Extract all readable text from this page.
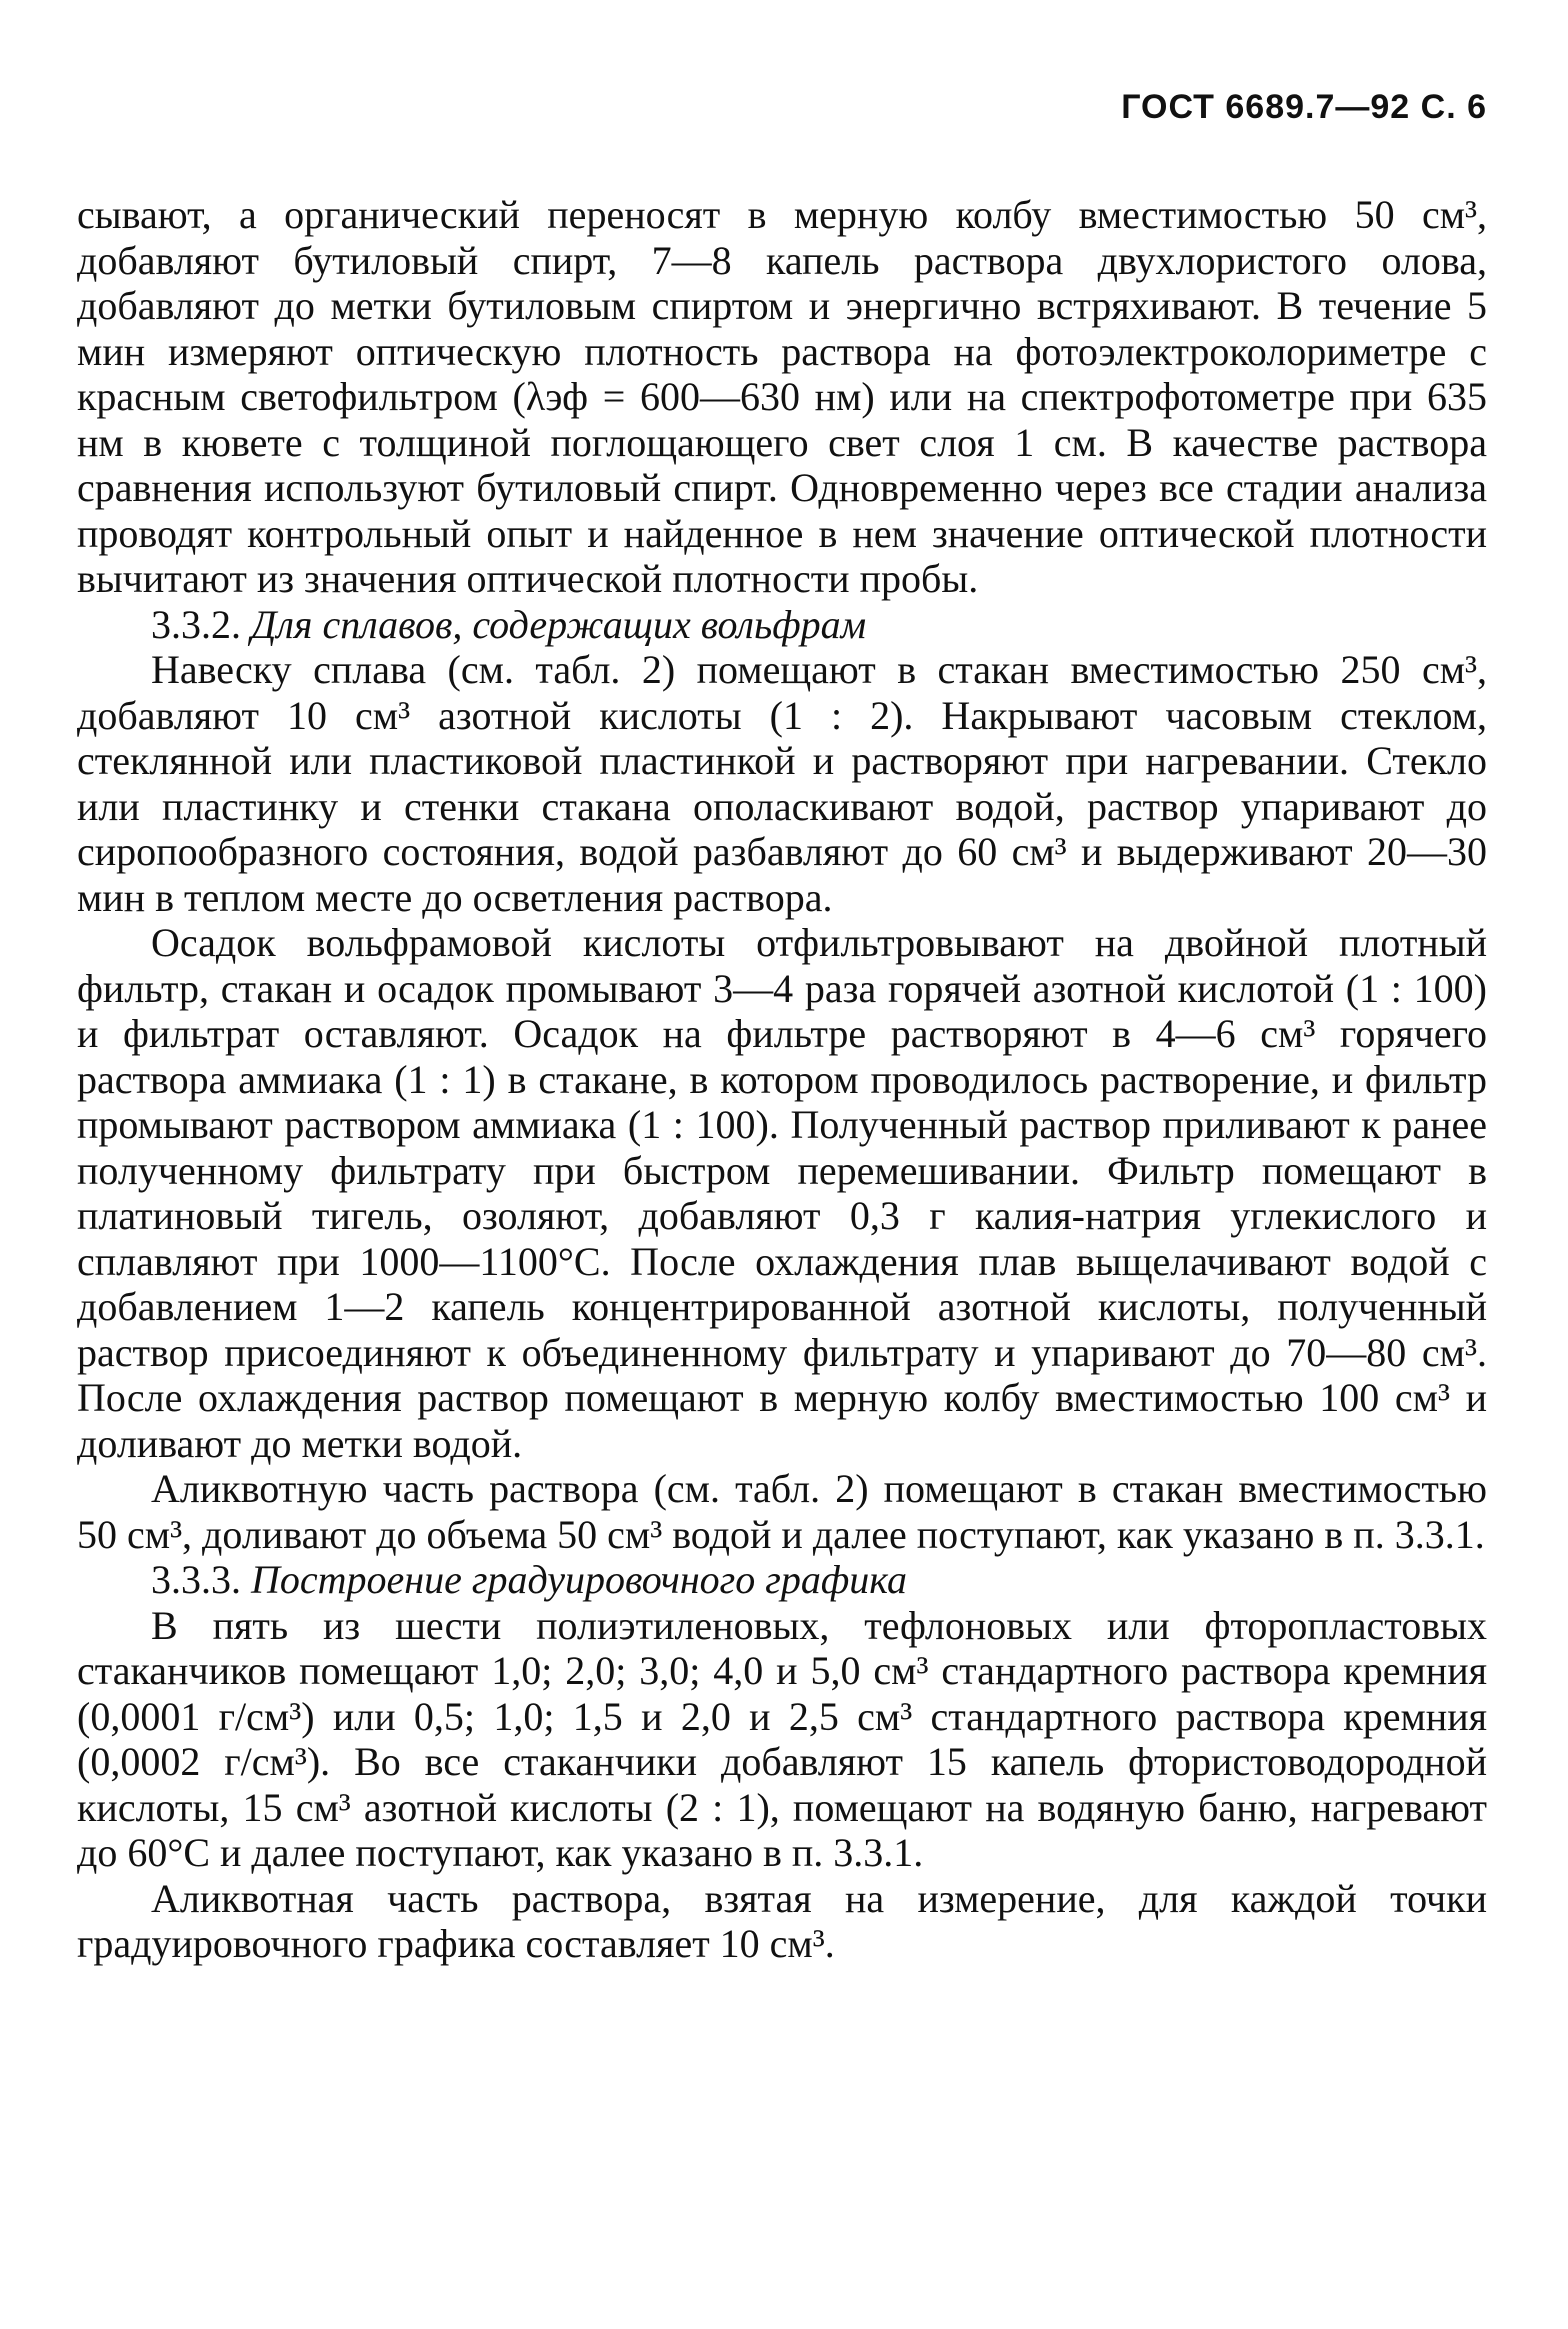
ГОСТ 6689.7—92 С. 6

сывают, а органический переносят в мерную колбу вместимостью 50 см³, добавляют бутиловый спирт, 7—8 капель раствора двухлористого олова, добавляют до метки бутиловым спиртом и энергично встряхивают. В течение 5 мин измеряют оптическую плотность раствора на фотоэлектроколориметре с красным светофильтром (λэф = 600—630 нм) или на спектрофотометре при 635 нм в кювете с толщиной поглощающего свет слоя 1 см. В качестве раствора сравнения используют бутиловый спирт. Одновременно через все стадии анализа проводят контрольный опыт и найденное в нем значение оптической плотности вычитают из значения оптической плотности пробы.

3.3.2. Для сплавов, содержащих вольфрам

Навеску сплава (см. табл. 2) помещают в стакан вместимостью 250 см³, добавляют 10 см³ азотной кислоты (1 : 2). Накрывают часовым стеклом, стеклянной или пластиковой пластинкой и растворяют при нагревании. Стекло или пластинку и стенки стакана ополаскивают водой, раствор упаривают до сиропообразного состояния, водой разбавляют до 60 см³ и выдерживают 20—30 мин в теплом месте до осветления раствора.

Осадок вольфрамовой кислоты отфильтровывают на двойной плотный фильтр, стакан и осадок промывают 3—4 раза горячей азотной кислотой (1 : 100) и фильтрат оставляют. Осадок на фильтре растворяют в 4—6 см³ горячего раствора аммиака (1 : 1) в стакане, в котором проводилось растворение, и фильтр промывают раствором аммиака (1 : 100). Полученный раствор приливают к ранее полученному фильтрату при быстром перемешивании. Фильтр помещают в платиновый тигель, озоляют, добавляют 0,3 г калия-натрия углекислого и сплавляют при 1000—1100°С. После охлаждения плав выщелачивают водой с добавлением 1—2 капель концентрированной азотной кислоты, полученный раствор присоединяют к объединенному фильтрату и упаривают до 70—80 см³. После охлаждения раствор помещают в мерную колбу вместимостью 100 см³ и доливают до метки водой.

Аликвотную часть раствора (см. табл. 2) помещают в стакан вместимостью 50 см³, доливают до объема 50 см³ водой и далее поступают, как указано в п. 3.3.1.

3.3.3. Построение градуировочного графика

В пять из шести полиэтиленовых, тефлоновых или фторопластовых стаканчиков помещают 1,0; 2,0; 3,0; 4,0 и 5,0 см³ стандартного раствора кремния (0,0001 г/см³) или 0,5; 1,0; 1,5 и 2,0 и 2,5 см³ стандартного раствора кремния (0,0002 г/см³). Во все стаканчики добавляют 15 капель фтористоводородной кислоты, 15 см³ азотной кислоты (2 : 1), помещают на водяную баню, нагревают до 60°С и далее поступают, как указано в п. 3.3.1.

Аликвотная часть раствора, взятая на измерение, для каждой точки градуировочного графика составляет 10 см³.
